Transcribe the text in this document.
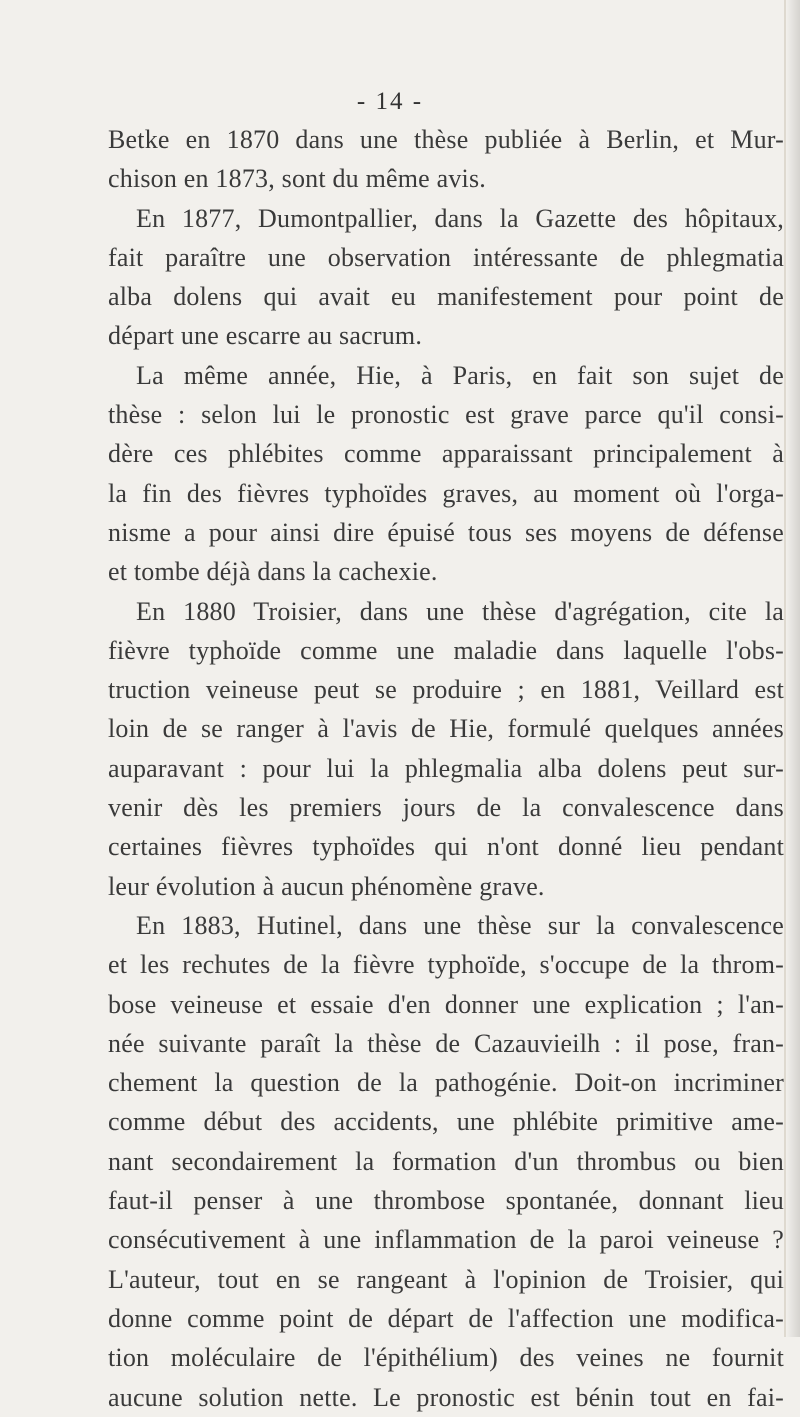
- 14 -
Betke en 1870 dans une thèse publiée à Berlin, et Mur-
chison en 1873, sont du même avis.
En 1877, Dumontpallier, dans la Gazette des hôpitaux,
fait paraître une observation intéressante de phlegmatia
alba dolens qui avait eu manifestement pour point de
départ une escarre au sacrum.
La même année, Hie, à Paris, en fait son sujet de
thèse : selon lui le pronostic est grave parce qu'il consi-
dère ces phlébites comme apparaissant principalement à
la fin des fièvres typhoïdes graves, au moment où l'orga-
nisme a pour ainsi dire épuisé tous ses moyens de défense
et tombe déjà dans la cachexie.
En 1880 Troisier, dans une thèse d'agrégation, cite la
fièvre typhoïde comme une maladie dans laquelle l'obs-
truction veineuse peut se produire ; en 1881, Veillard est
loin de se ranger à l'avis de Hie, formulé quelques années
auparavant : pour lui la phlegmalia alba dolens peut sur-
venir dès les premiers jours de la convalescence dans
certaines fièvres typhoïdes qui n'ont donné lieu pendant
leur évolution à aucun phénomène grave.
En 1883, Hutinel, dans une thèse sur la convalescence
et les rechutes de la fièvre typhoïde, s'occupe de la throm-
bose veineuse et essaie d'en donner une explication ; l'an-
née suivante paraît la thèse de Cazauvieilh : il pose, fran-
chement la question de la pathogénie. Doit-on incriminer
comme début des accidents, une phlébite primitive ame-
nant secondairement la formation d'un thrombus ou bien
faut-il penser à une thrombose spontanée, donnant lieu
consécutivement à une inflammation de la paroi veineuse ?
L'auteur, tout en se rangeant à l'opinion de Troisier, qui
donne comme point de départ de l'affection une modifica-
tion moléculaire de l'épithélium) des veines ne fournit
aucune solution nette. Le pronostic est bénin tout en fai-
